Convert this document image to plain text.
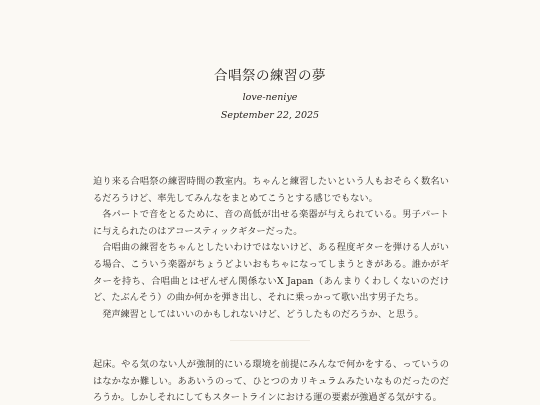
合唱祭の練習の夢
love-neniye
September 22, 2025

迫り来る合唱祭の練習時間の教室内。ちゃんと練習したいという人もおそらく数名いるだろうけど、率先してみんなをまとめてこうとする感じでもない。

各パートで音をとるために、音の高低が出せる楽器が与えられている。男子パートに与えられたのはアコースティックギターだった。

合唱曲の練習をちゃんとしたいわけではないけど、ある程度ギターを弾ける人がいる場合、こういう楽器がちょうどよいおもちゃになってしまうときがある。誰かがギターを持ち、合唱曲とはぜんぜん関係ないX Japan（あんまりくわしくないのだけど、たぶんそう）の曲か何かを弾き出し、それに乗っかって歌い出す男子たち。

発声練習としてはいいのかもしれないけど、どうしたものだろうか、と思う。

起床。やる気のない人が強制的にいる環境を前提にみんなで何かをする、っていうのはなかなか難しい。ああいうのって、ひとつのカリキュラムみたいなものだったのだろうか。しかしそれにしてもスタートラインにおける運の要素が強過ぎる気がする。
